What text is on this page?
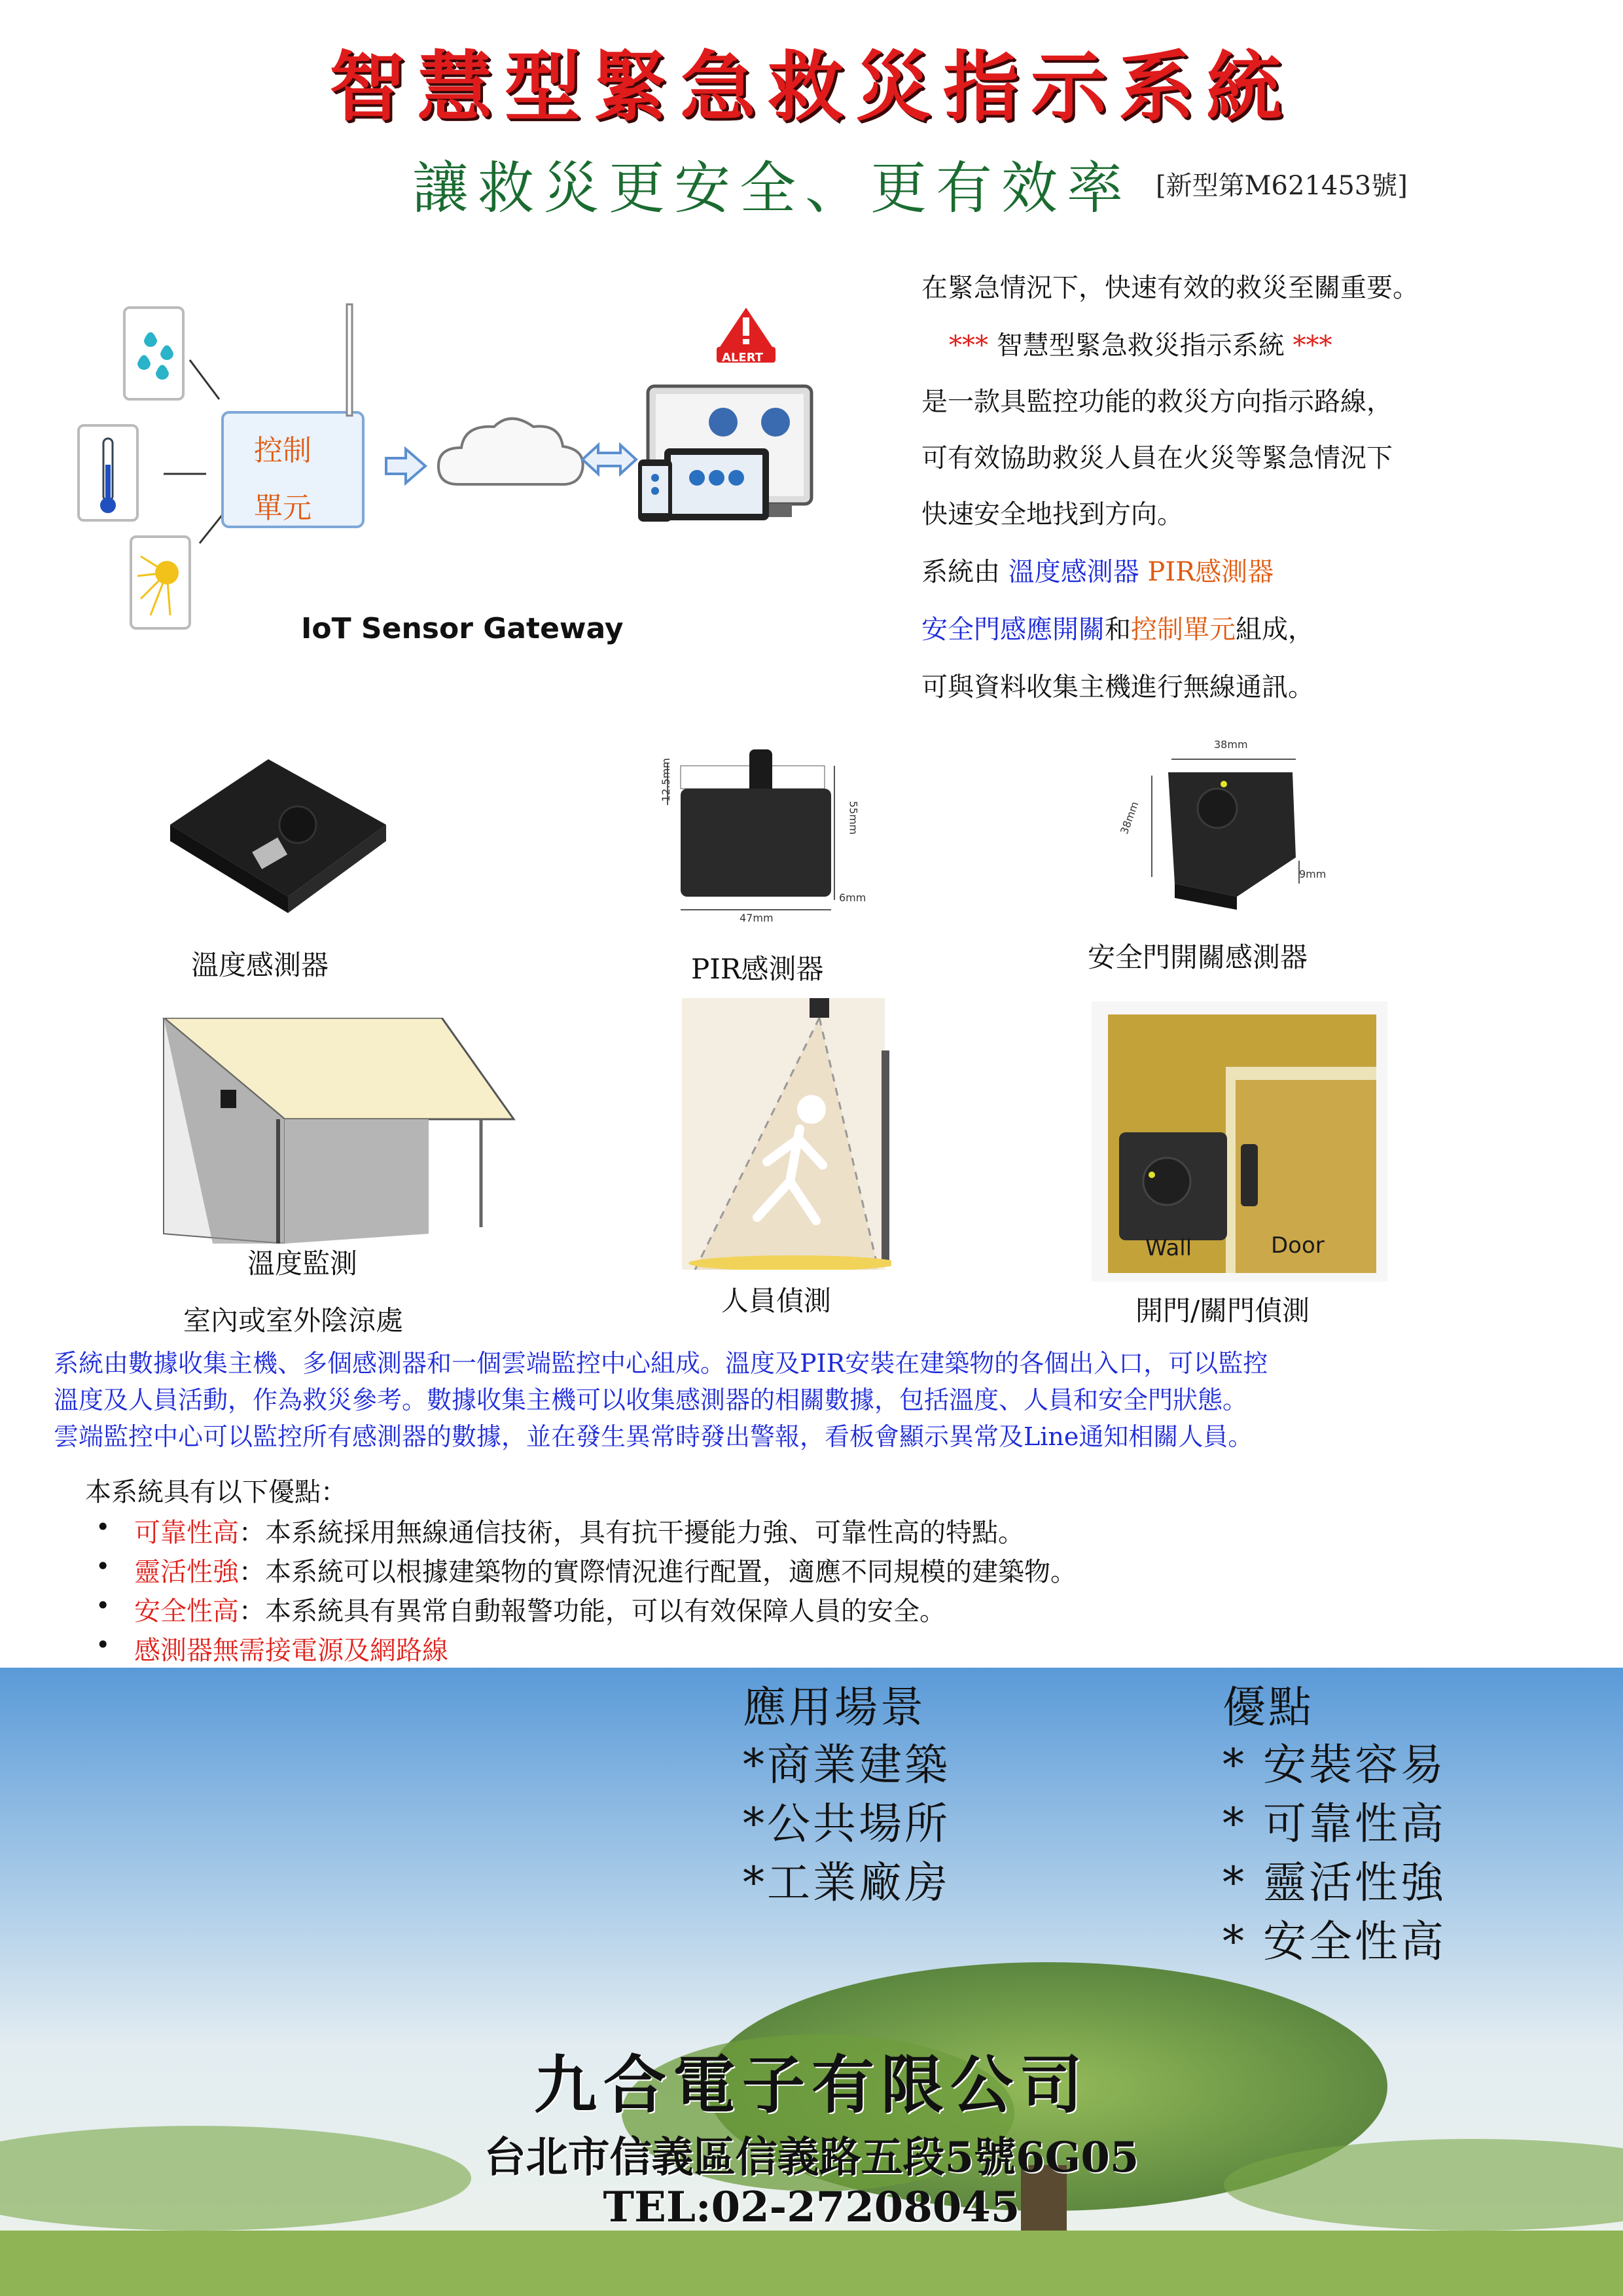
智慧型緊急救災指示系統
讓救災更安全、更有效率 [新型第M621453號]
控制
單元
ALERT
IoT Sensor Gateway
在緊急情況下，快速有效的救災至關重要。
*** 智慧型緊急救災指示系統 ***
是一款具監控功能的救災方向指示路線，
可有效協助救災人員在火災等緊急情況下
快速安全地找到方向。
系統由 溫度感測器 PIR感測器
安全門感應開關和控制單元組成，
可與資料收集主機進行無線通訊。
12.5mm
55mm
47mm
6mm
38mm
38mm
9mm
溫度感測器	PIR感測器	安全門開關感測器
Wall	Door
溫度監測
室內或室外陰涼處
人員偵測	開門/關門偵測
系統由數據收集主機、多個感測器和一個雲端監控中心組成。溫度及PIR安裝在建築物的各個出入口，可以監控
溫度及人員活動，作為救災參考。數據收集主機可以收集感測器的相關數據，包括溫度、人員和安全門狀態。
雲端監控中心可以監控所有感測器的數據，並在發生異常時發出警報，看板會顯示異常及Line通知相關人員。
本系統具有以下優點：
• 可靠性高：本系統採用無線通信技術，具有抗干擾能力強、可靠性高的特點。
• 靈活性強：本系統可以根據建築物的實際情況進行配置，適應不同規模的建築物。
• 安全性高：本系統具有異常自動報警功能，可以有效保障人員的安全。
• 感測器無需接電源及網路線
應用場景
*商業建築
*公共場所
*工業廠房
優點
* 安裝容易
* 可靠性高
* 靈活性強
* 安全性高
九合電子有限公司
台北市信義區信義路五段5號6G05
TEL:02-27208045
